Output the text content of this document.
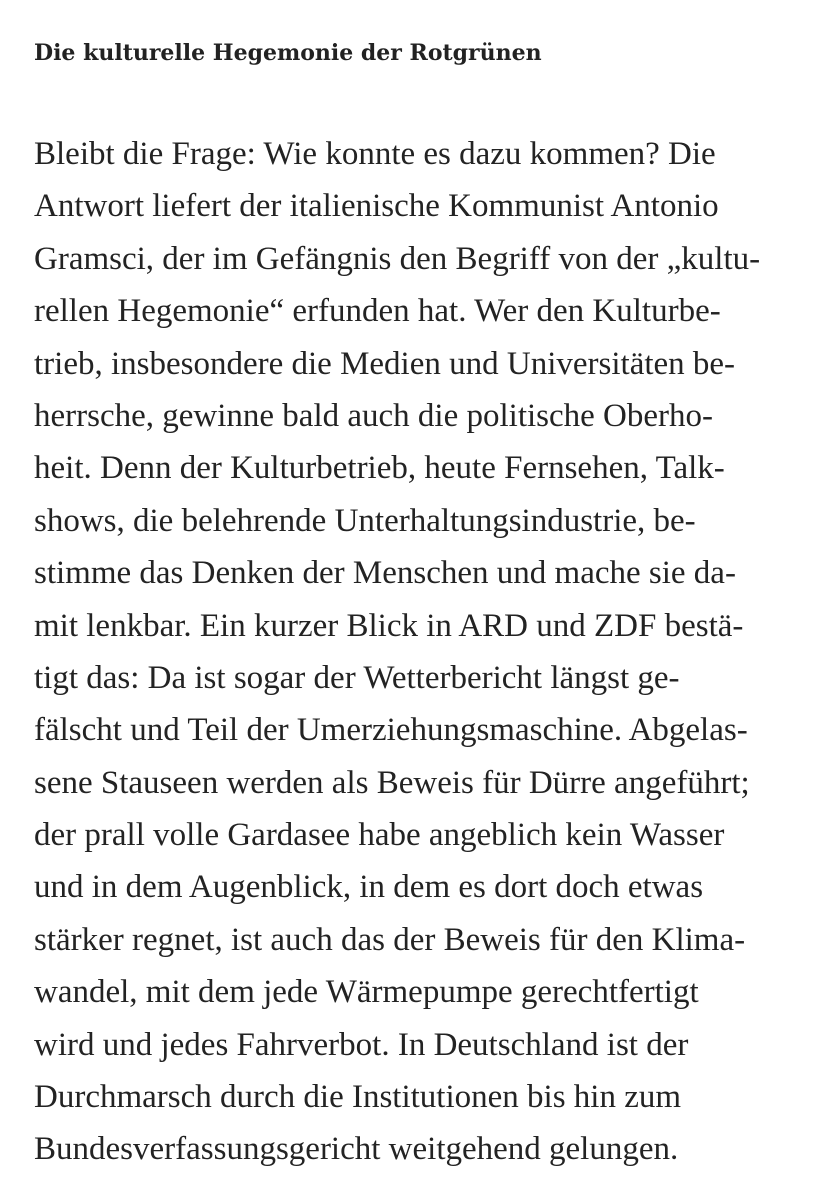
Die kulturelle Hegemonie der Rotgrünen
Bleibt die Frage: Wie konnte es dazu kommen? Die
Antwort liefert der italienische Kommunist Antonio
Gramsci, der im Gefängnis den Begriff von der „kultu-
rellen Hegemonie“ erfunden hat. Wer den Kulturbe-
trieb, insbesondere die Medien und Universitäten be-
herrsche, gewinne bald auch die politische Oberho-
heit. Denn der Kulturbetrieb, heute Fernsehen, Talk-
shows, die belehrende Unterhaltungsindustrie, be-
stimme das Denken der Menschen und mache sie da-
mit lenkbar. Ein kurzer Blick in ARD und ZDF bestä-
tigt das: Da ist sogar der Wetterbericht längst ge-
fälscht und Teil der Umerziehungsmaschine. Abgelas-
sene Stauseen werden als Beweis für Dürre angeführt;
der prall volle Gardasee habe angeblich kein Wasser
und in dem Augenblick, in dem es dort doch etwas
stärker regnet, ist auch das der Beweis für den Klima-
wandel, mit dem jede Wärmepumpe gerechtfertigt
wird und jedes Fahrverbot. In Deutschland ist der
Durchmarsch durch die Institutionen bis hin zum
Bundesverfassungsgericht weitgehend gelungen.
